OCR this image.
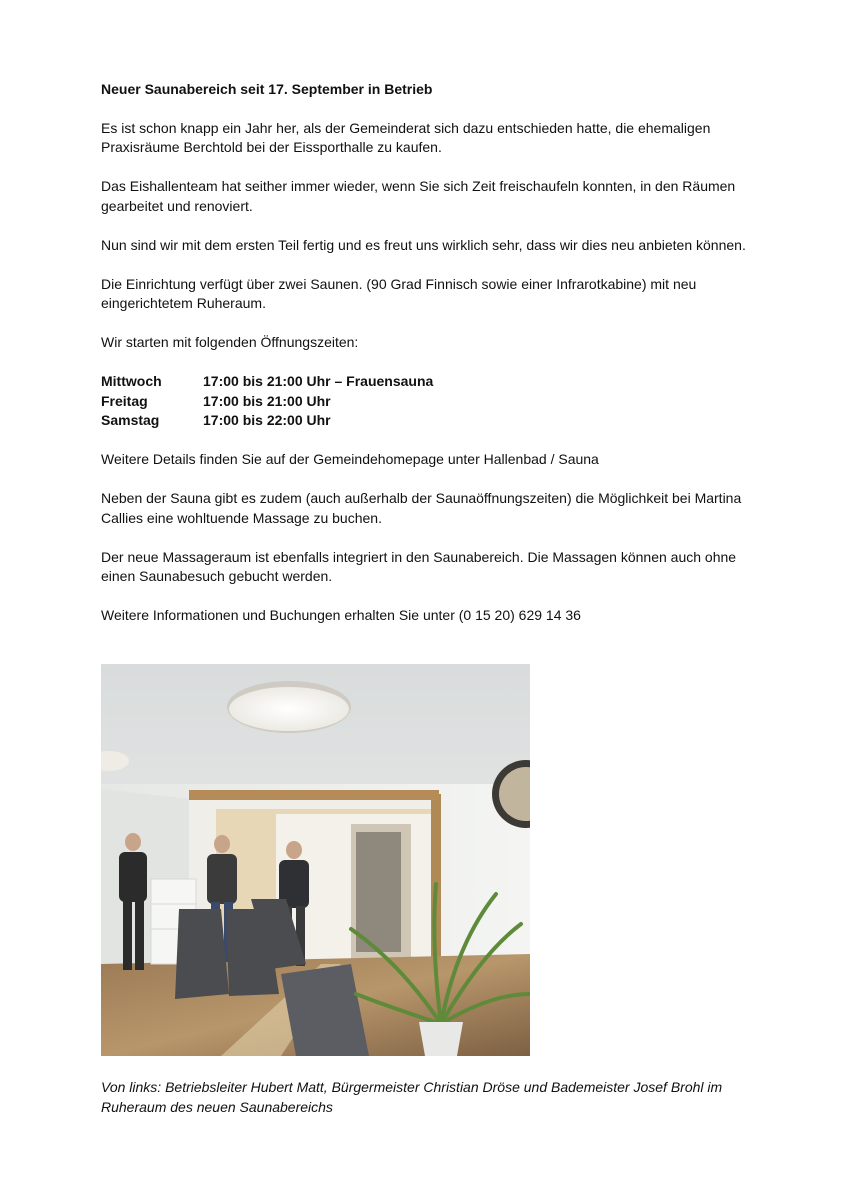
Neuer Saunabereich seit 17. September in Betrieb

Es ist schon knapp ein Jahr her, als der Gemeinderat sich dazu entschieden hatte, die ehemaligen Praxisräume Berchtold bei der Eissporthalle zu kaufen.

Das Eishallenteam hat seither immer wieder, wenn Sie sich Zeit freischaufeln konnten, in den Räumen gearbeitet und renoviert.

Nun sind wir mit dem ersten Teil fertig und es freut uns wirklich sehr, dass wir dies neu anbieten können.

Die Einrichtung verfügt über zwei Saunen. (90 Grad Finnisch sowie einer Infrarotkabine) mit neu eingerichtetem Ruheraum.

Wir starten mit folgenden Öffnungszeiten:

Mittwoch	17:00 bis 21:00 Uhr – Frauensauna
Freitag	17:00 bis 21:00 Uhr
Samstag	17:00 bis 22:00 Uhr

Weitere Details finden Sie auf der Gemeindehomepage unter Hallenbad / Sauna

Neben der Sauna gibt es zudem (auch außerhalb der Saunaöffnungszeiten) die Möglichkeit bei Martina Callies eine wohltuende Massage zu buchen.

Der neue Massageraum ist ebenfalls integriert in den Saunabereich. Die Massagen können auch ohne einen Saunabesuch gebucht werden.

Weitere Informationen und Buchungen erhalten Sie unter (0 15 20) 629 14 36

Von links: Betriebsleiter Hubert Matt, Bürgermeister Christian Dröse und Bademeister Josef Brohl im Ruheraum des neuen Saunabereichs
